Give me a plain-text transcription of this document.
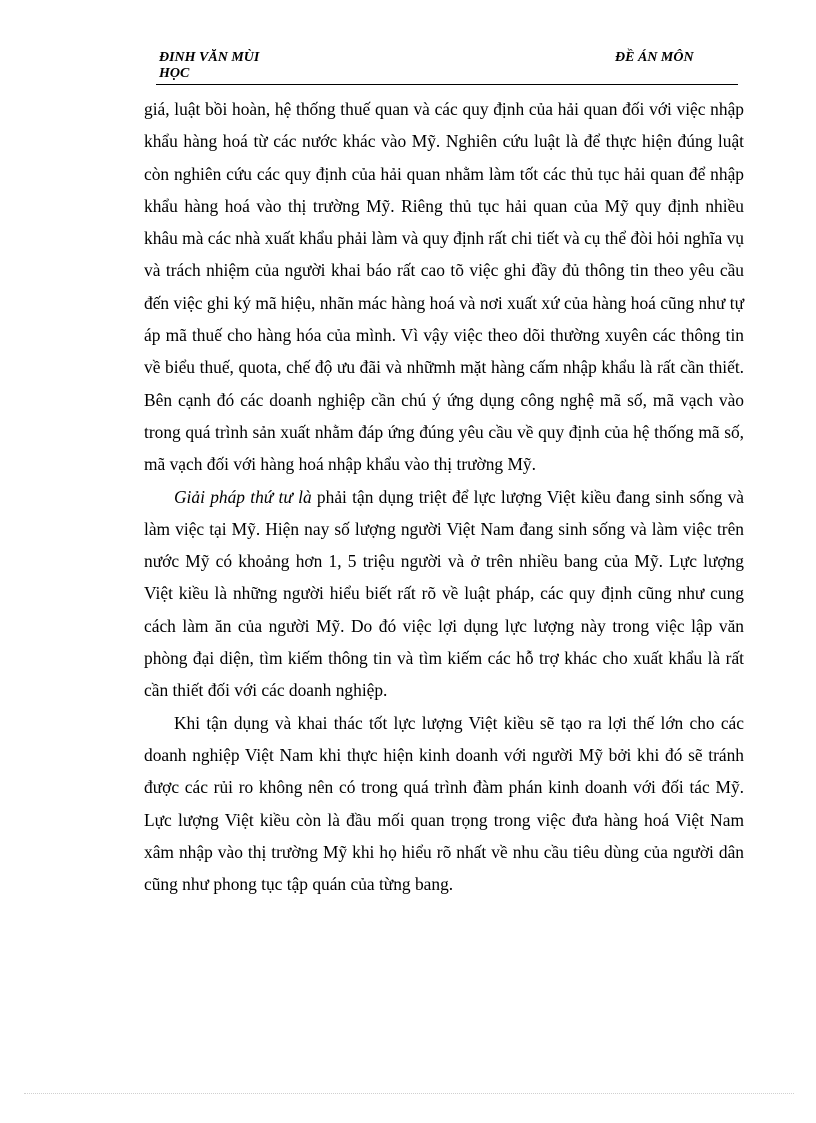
ĐINH VĂN MÙI
HỌC
ĐỀ ÁN MÔN

giá, luật bồi hoàn, hệ thống thuế quan và các quy định của hải quan đối với việc nhập khẩu hàng hoá từ các nước khác vào Mỹ. Nghiên cứu luật là để thực hiện đúng luật còn nghiên cứu các quy định của hải quan nhằm làm tốt các thủ tục hải quan để nhập khẩu hàng hoá vào thị trường Mỹ. Riêng thủ tục hải quan của Mỹ quy định nhiều khâu mà các nhà xuất khẩu phải làm và quy định rất chi tiết và cụ thể đòi hỏi nghĩa vụ và trách nhiệm của người khai báo rất cao tõ việc ghi đầy đủ thông tin theo yêu cầu đến việc ghi ký mã hiệu, nhãn mác hàng hoá và nơi xuất xứ của hàng hoá cũng như tự áp mã thuế cho hàng hóa của mình. Vì vậy việc theo dõi thường xuyên các thông tin về biểu thuế, quota, chế độ ưu đãi và nhữmh mặt hàng cấm nhập khẩu là rất cần thiết. Bên cạnh đó các doanh nghiệp cần chú ý ứng dụng công nghệ mã số, mã vạch vào trong quá trình sản xuất nhằm đáp ứng đúng yêu cầu về quy định của hệ thống mã số, mã vạch đối với hàng hoá nhập khẩu vào thị trường Mỹ.

Giải pháp thứ tư là phải tận dụng triệt để lực lượng Việt kiều đang sinh sống và làm việc tại Mỹ. Hiện nay số lượng người Việt Nam đang sinh sống và làm việc trên nước Mỹ có khoảng hơn 1, 5 triệu người và ở trên nhiều bang của Mỹ. Lực lượng Việt kiều là những người hiểu biết rất rõ về luật pháp, các quy định cũng như cung cách làm ăn của người Mỹ. Do đó việc lợi dụng lực lượng này trong việc lập văn phòng đại diện, tìm kiếm thông tin và tìm kiếm các hỗ trợ khác cho xuất khẩu là rất cần thiết đối với các doanh nghiệp.

Khi tận dụng và khai thác tốt lực lượng Việt kiều sẽ tạo ra lợi thế lớn cho các doanh nghiệp Việt Nam khi thực hiện kinh doanh với người Mỹ bởi khi đó sẽ tránh được các rủi ro không nên có trong quá trình đàm phán kinh doanh với đối tác Mỹ. Lực lượng Việt kiều còn là đầu mối quan trọng trong việc đưa hàng hoá Việt Nam xâm nhập vào thị trường Mỹ khi họ hiểu rõ nhất về nhu cầu tiêu dùng của người dân cũng như phong tục tập quán của từng bang.
